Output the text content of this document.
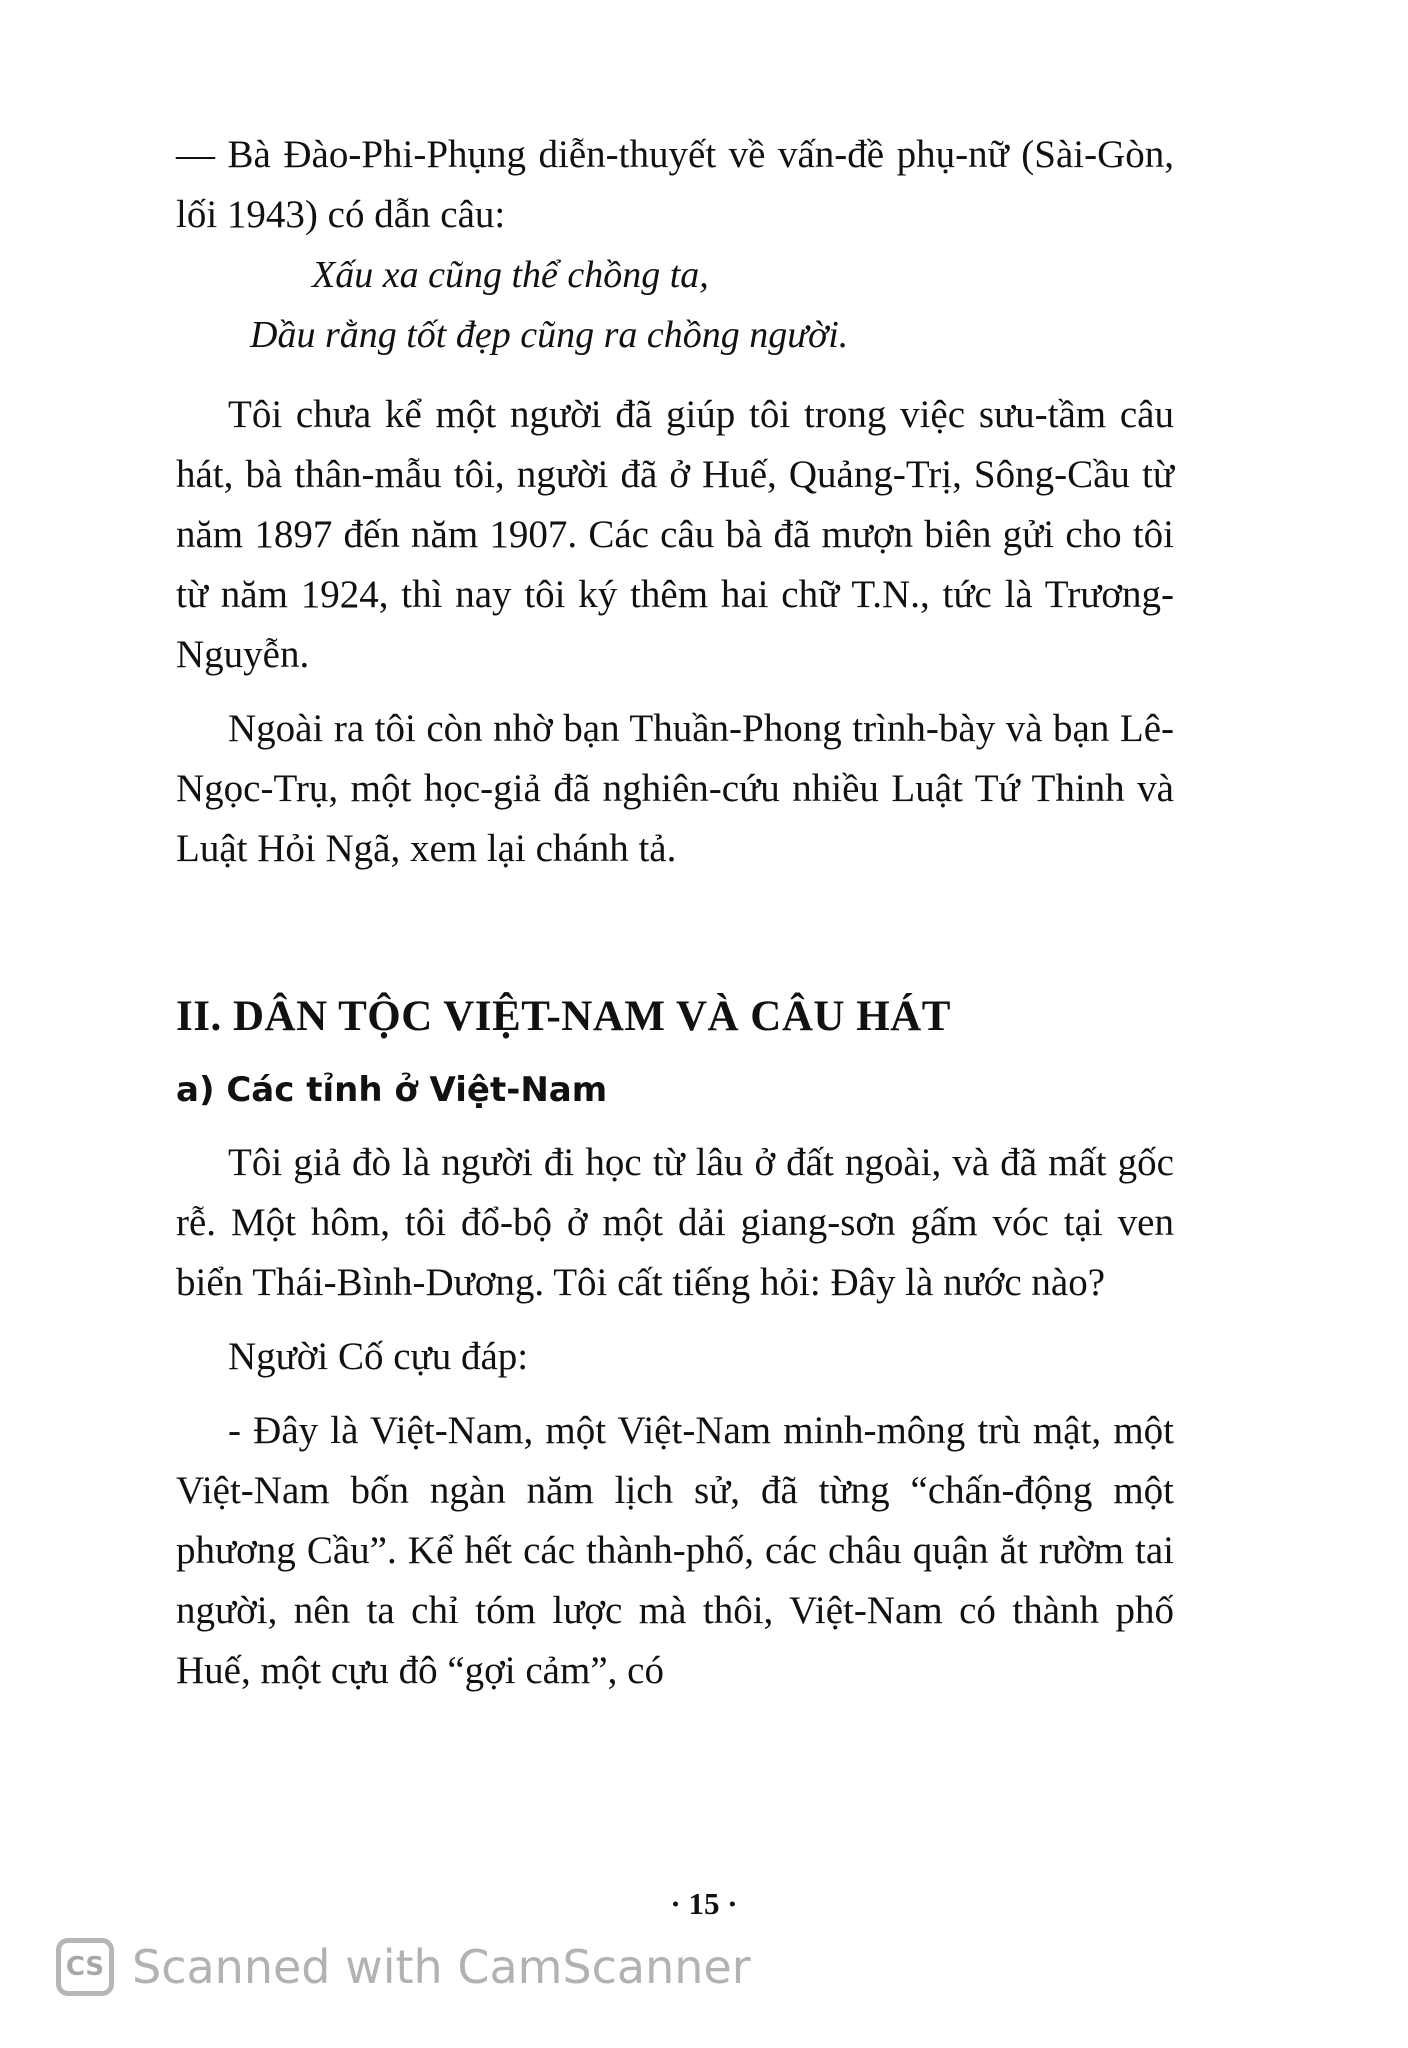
— Bà Đào-Phi-Phụng diễn-thuyết về vấn-đề phụ-nữ (Sài-Gòn, lối 1943) có dẫn câu:

Xấu xa cũng thể chồng ta,
Dầu rằng tốt đẹp cũng ra chồng người.

Tôi chưa kể một người đã giúp tôi trong việc sưu-tầm câu hát, bà thân-mẫu tôi, người đã ở Huế, Quảng-Trị, Sông-Cầu từ năm 1897 đến năm 1907. Các câu bà đã mượn biên gửi cho tôi từ năm 1924, thì nay tôi ký thêm hai chữ T.N., tức là Trương-Nguyễn.

Ngoài ra tôi còn nhờ bạn Thuần-Phong trình-bày và bạn Lê-Ngọc-Trụ, một học-giả đã nghiên-cứu nhiều Luật Tứ Thinh và Luật Hỏi Ngã, xem lại chánh tả.

II. DÂN TỘC VIỆT-NAM VÀ CÂU HÁT
a) Các tỉnh ở Việt-Nam

Tôi giả đò là người đi học từ lâu ở đất ngoài, và đã mất gốc rễ. Một hôm, tôi đổ-bộ ở một dải giang-sơn gấm vóc tại ven biển Thái-Bình-Dương. Tôi cất tiếng hỏi: Đây là nước nào?

Người Cố cựu đáp:

- Đây là Việt-Nam, một Việt-Nam minh-mông trù mật, một Việt-Nam bốn ngàn năm lịch sử, đã từng “chấn-động một phương Cầu”. Kể hết các thành-phố, các châu quận ắt rườm tai người, nên ta chỉ tóm lược mà thôi, Việt-Nam có thành phố Huế, một cựu đô “gợi cảm”, có

· 15 ·
CS Scanned with CamScanner
